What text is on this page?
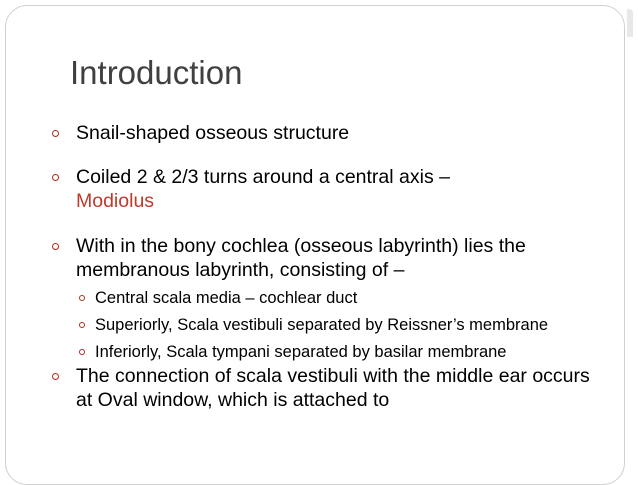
Introduction
Snail-shaped osseous structure
Coiled 2 & 2/3 turns around a central axis –
Modiolus
With in the bony cochlea (osseous labyrinth) lies the membranous labyrinth, consisting of –
Central scala media – cochlear duct
Superiorly, Scala vestibuli separated by Reissner’s membrane
Inferiorly, Scala tympani separated by basilar membrane
The connection of scala vestibuli with the middle ear occurs at Oval window, which is attached to
